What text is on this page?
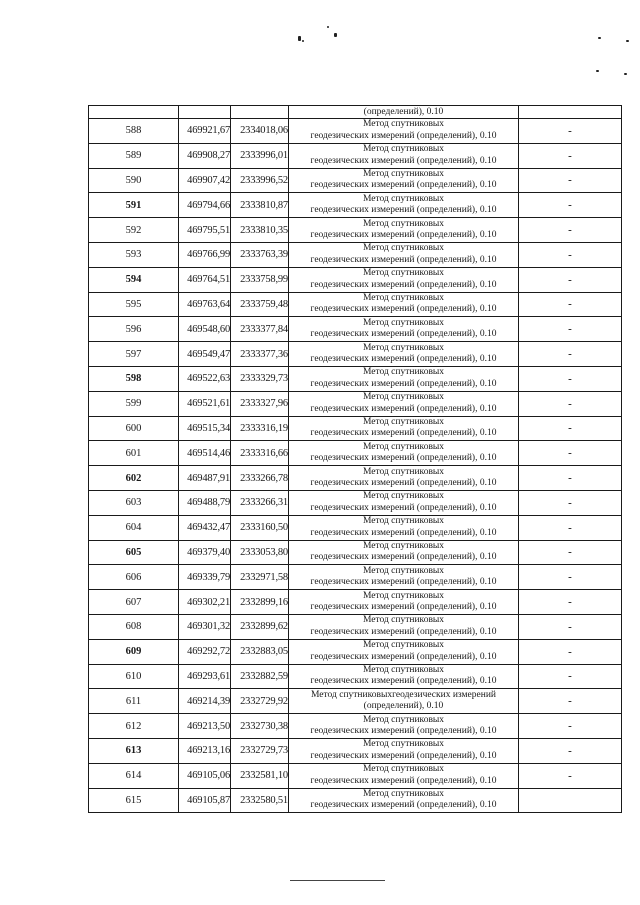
			(определений), 0.10	

588	469921,67	2334018,06	Метод спутниковых
геодезических измерений (определений), 0.10	-
589	469908,27	2333996,01	Метод спутниковых
геодезических измерений (определений), 0.10	-
590	469907,42	2333996,52	Метод спутниковых
геодезических измерений (определений), 0.10	-
591	469794,66	2333810,87	Метод спутниковых
геодезических измерений (определений), 0.10	-
592	469795,51	2333810,35	Метод спутниковых
геодезических измерений (определений), 0.10	-
593	469766,99	2333763,39	Метод спутниковых
геодезических измерений (определений), 0.10	-
594	469764,51	2333758,99	Метод спутниковых
геодезических измерений (определений), 0.10	-
595	469763,64	2333759,48	Метод спутниковых
геодезических измерений (определений), 0.10	-
596	469548,60	2333377,84	Метод спутниковых
геодезических измерений (определений), 0.10	-
597	469549,47	2333377,36	Метод спутниковых
геодезических измерений (определений), 0.10	-
598	469522,63	2333329,73	Метод спутниковых
геодезических измерений (определений), 0.10	-
599	469521,61	2333327,96	Метод спутниковых
геодезических измерений (определений), 0.10	-
600	469515,34	2333316,19	Метод спутниковых
геодезических измерений (определений), 0.10	-
601	469514,46	2333316,66	Метод спутниковых
геодезических измерений (определений), 0.10	-
602	469487,91	2333266,78	Метод спутниковых
геодезических измерений (определений), 0.10	-
603	469488,79	2333266,31	Метод спутниковых
геодезических измерений (определений), 0.10	-
604	469432,47	2333160,50	Метод спутниковых
геодезических измерений (определений), 0.10	-
605	469379,40	2333053,80	Метод спутниковых
геодезических измерений (определений), 0.10	-
606	469339,79	2332971,58	Метод спутниковых
геодезических измерений (определений), 0.10	-
607	469302,21	2332899,16	Метод спутниковых
геодезических измерений (определений), 0.10	-
608	469301,32	2332899,62	Метод спутниковых
геодезических измерений (определений), 0.10	-
609	469292,72	2332883,05	Метод спутниковых
геодезических измерений (определений), 0.10	-
610	469293,61	2332882,59	Метод спутниковых
геодезических измерений (определений), 0.10	-
611	469214,39	2332729,92	Метод спутниковыхгеодезических измерений
(определений), 0.10	-
612	469213,50	2332730,38	Метод спутниковых
геодезических измерений (определений), 0.10	-
613	469213,16	2332729,73	Метод спутниковых
геодезических измерений (определений), 0.10	-
614	469105,06	2332581,10	Метод спутниковых
геодезических измерений (определений), 0.10	-
615	469105,87	2332580,51	Метод спутниковых
геодезических измерений (определений), 0.10	
